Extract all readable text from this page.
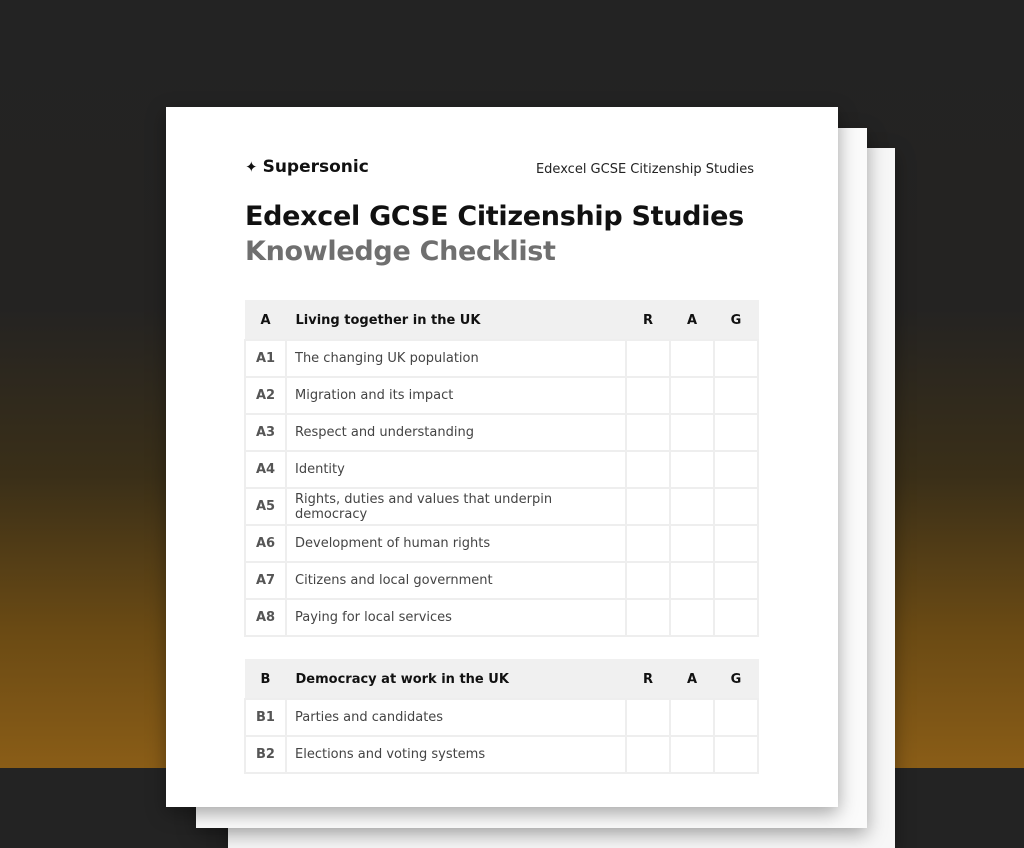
✦ Supersonic	Edexcel GCSE Citizenship Studies
Edexcel GCSE Citizenship Studies
Knowledge Checklist
A	Living together in the UK	R	A	G
A1	The changing UK population			
A2	Migration and its impact			
A3	Respect and understanding			
A4	Identity			
A5	Rights, duties and values that underpin democracy			
A6	Development of human rights			
A7	Citizens and local government			
A8	Paying for local services			
B	Democracy at work in the UK	R	A	G
B1	Parties and candidates			
B2	Elections and voting systems			
